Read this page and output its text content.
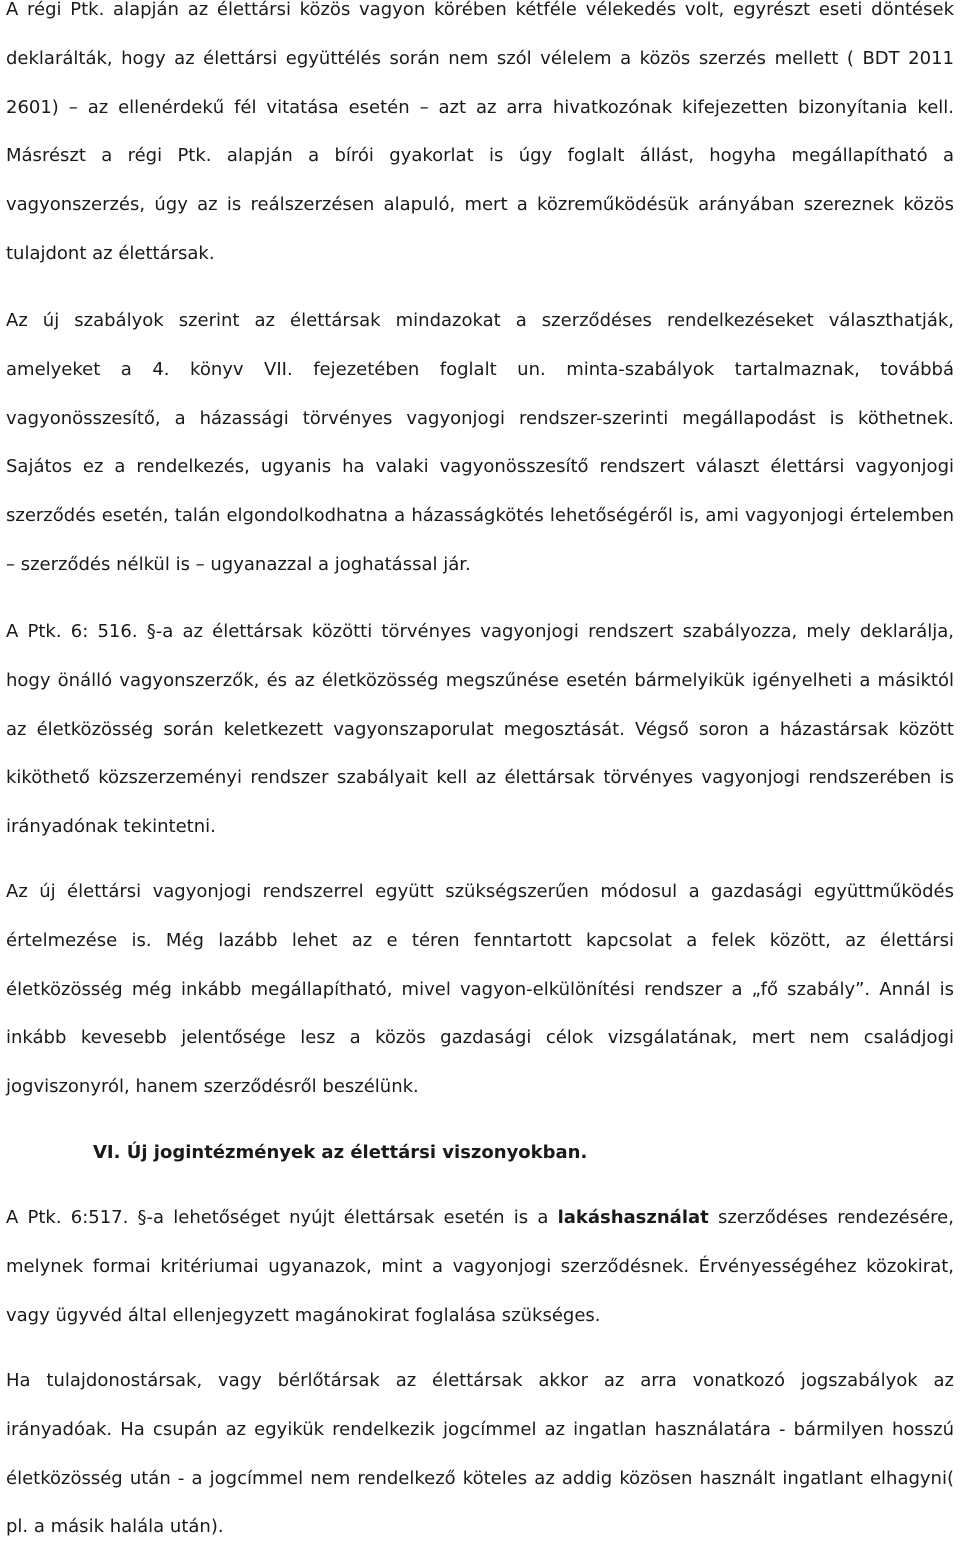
A régi Ptk. alapján az élettársi közös vagyon körében kétféle vélekedés volt, egyrészt eseti döntések deklarálták, hogy az élettársi együttélés során nem szól vélelem a közös szerzés mellett ( BDT 2011 2601) – az ellenérdekű fél vitatása esetén – azt az arra hivatkozónak kifejezetten bizonyítania kell. Másrészt a régi Ptk. alapján a bírói gyakorlat is úgy foglalt állást, hogyha megállapítható a vagyonszerzés, úgy az is reálszerzésen alapuló, mert a közreműködésük arányában szereznek közös tulajdont az élettársak.

Az új szabályok szerint az élettársak mindazokat a szerződéses rendelkezéseket választhatják, amelyeket a 4. könyv VII. fejezetében foglalt un. minta-szabályok tartalmaznak, továbbá vagyonösszesítő, a házassági törvényes vagyonjogi rendszer-szerinti megállapodást is köthetnek. Sajátos ez a rendelkezés, ugyanis ha valaki vagyonösszesítő rendszert választ élettársi vagyonjogi szerződés esetén, talán elgondolkodhatna a házasságkötés lehetőségéről is, ami vagyonjogi értelemben – szerződés nélkül is – ugyanazzal a joghatással jár.

A Ptk. 6: 516. §-a az élettársak közötti törvényes vagyonjogi rendszert szabályozza, mely deklarálja, hogy önálló vagyonszerzők, és az életközösség megszűnése esetén bármelyikük igényelheti a másiktól az életközösség során keletkezett vagyonszaporulat megosztását. Végső soron a házastársak között kiköthető közszerzeményi rendszer szabályait kell az élettársak törvényes vagyonjogi rendszerében is irányadónak tekintetni.

Az új élettársi vagyonjogi rendszerrel együtt szükségszerűen módosul a gazdasági együttműködés értelmezése is. Még lazább lehet az e téren fenntartott kapcsolat a felek között, az élettársi életközösség még inkább megállapítható, mivel vagyon-elkülönítési rendszer a „fő szabály”. Annál is inkább kevesebb jelentősége lesz a közös gazdasági célok vizsgálatának, mert nem családjogi jogviszonyról, hanem szerződésről beszélünk.

VI. Új jogintézmények az élettársi viszonyokban.

A Ptk. 6:517. §-a lehetőséget nyújt élettársak esetén is a lakáshasználat szerződéses rendezésére, melynek formai kritériumai ugyanazok, mint a vagyonjogi szerződésnek. Érvényességéhez közokirat, vagy ügyvéd által ellenjegyzett magánokirat foglalása szükséges.

Ha tulajdonostársak, vagy bérlőtársak az élettársak akkor az arra vonatkozó jogszabályok az irányadóak. Ha csupán az egyikük rendelkezik jogcímmel az ingatlan használatára - bármilyen hosszú életközösség után - a jogcímmel nem rendelkező köteles az addig közösen használt ingatlant elhagyni( pl. a másik halála után).
